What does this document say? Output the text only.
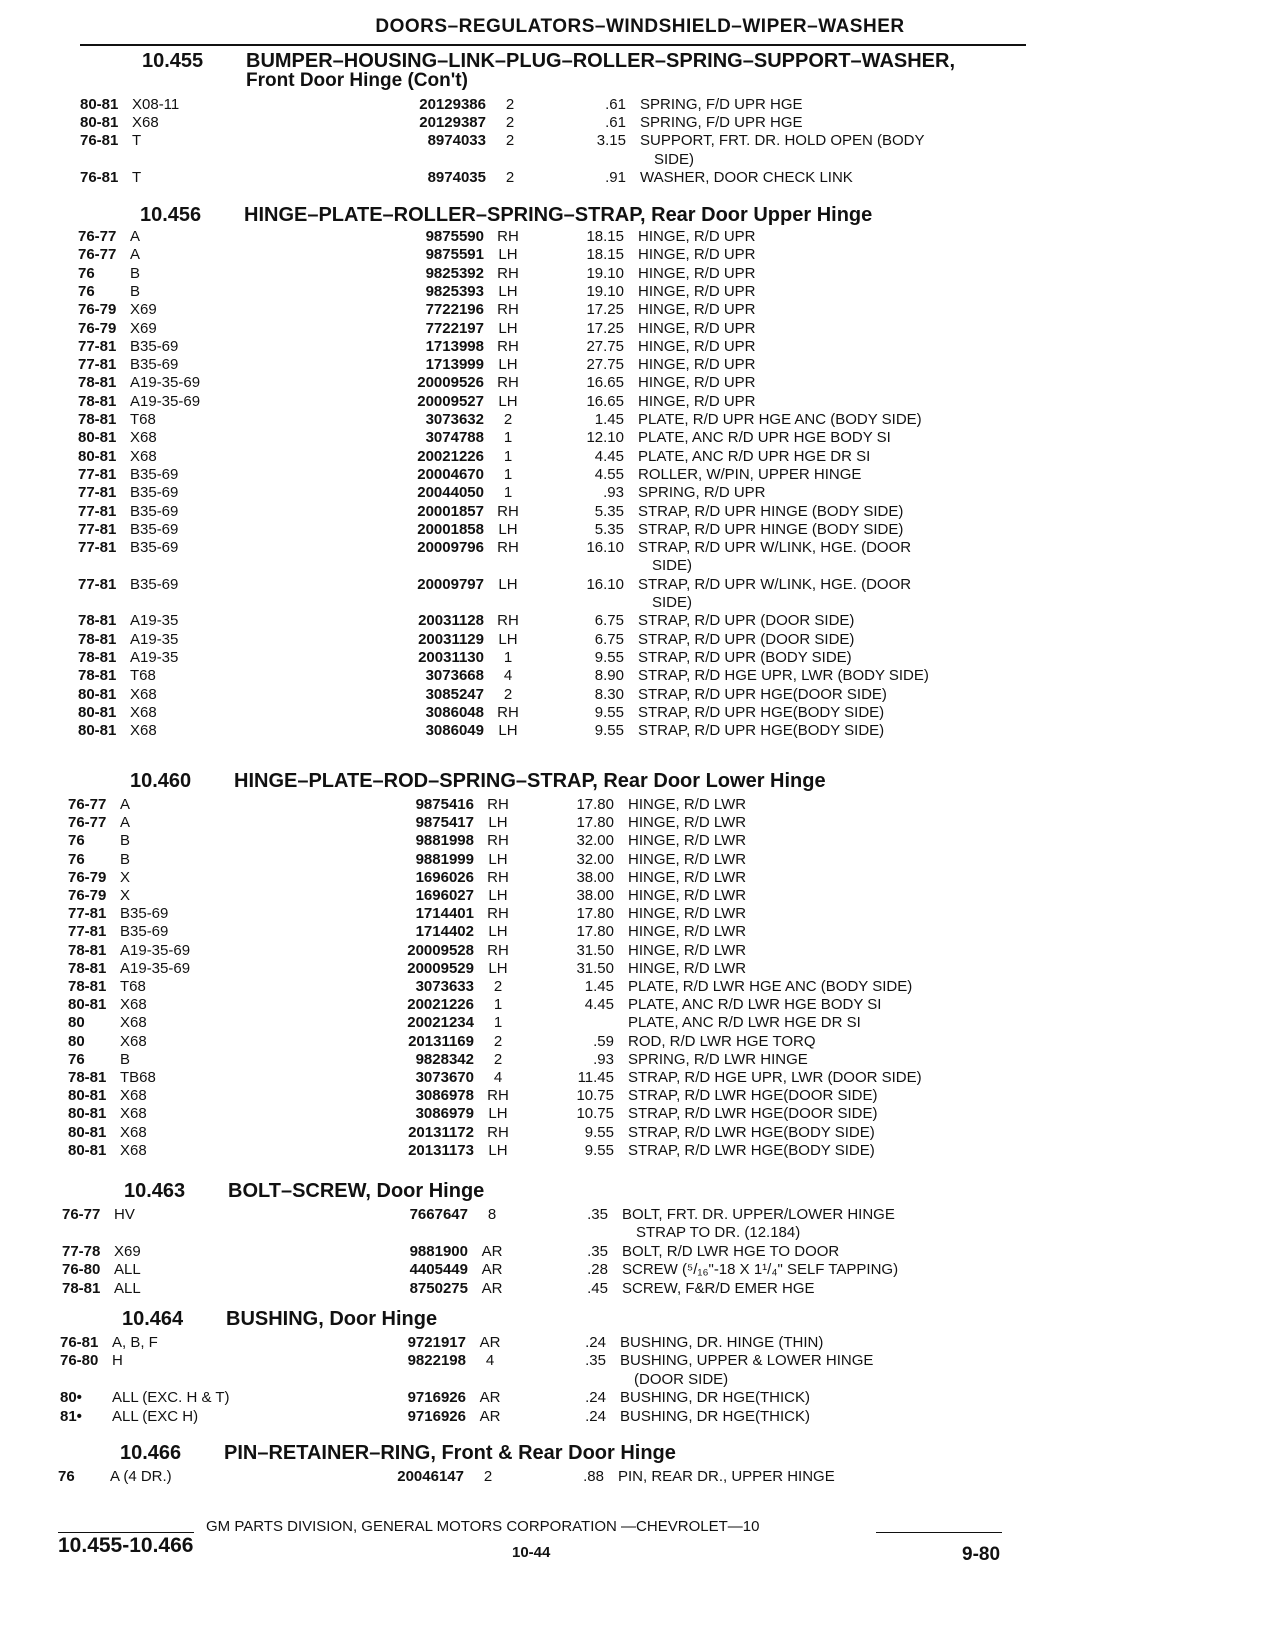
DOORS–REGULATORS–WINDSHIELD–WIPER–WASHER
10.455 BUMPER–HOUSING–LINK–PLUG–ROLLER–SPRING–SUPPORT–WASHER,
Front Door Hinge (Con't)
80-81 X08-11	20129386	2	.61 SPRING, F/D UPR HGE
80-81 X68	20129387	2	.61 SPRING, F/D UPR HGE
76-81 T	8974033	2	3.15 SUPPORT, FRT. DR. HOLD OPEN (BODY
SIDE)
76-81 T	8974035	2	.91 WASHER, DOOR CHECK LINK
10.456 HINGE–PLATE–ROLLER–SPRING–STRAP, Rear Door Upper Hinge
76-77 A	9875590 RH	18.15 HINGE, R/D UPR
76-77 A	9875591 LH	18.15 HINGE, R/D UPR
76 B	9825392 RH	19.10 HINGE, R/D UPR
76 B	9825393 LH	19.10 HINGE, R/D UPR
76-79 X69	7722196 RH	17.25 HINGE, R/D UPR
76-79 X69	7722197 LH	17.25 HINGE, R/D UPR
77-81 B35-69	1713998 RH	27.75 HINGE, R/D UPR
77-81 B35-69	1713999 LH	27.75 HINGE, R/D UPR
78-81 A19-35-69	20009526 RH	16.65 HINGE, R/D UPR
78-81 A19-35-69	20009527 LH	16.65 HINGE, R/D UPR
78-81 T68	3073632	2	1.45 PLATE, R/D UPR HGE ANC (BODY SIDE)
80-81 X68	3074788	1	12.10 PLATE, ANC R/D UPR HGE BODY SI
80-81 X68	20021226	1	4.45 PLATE, ANC R/D UPR HGE DR SI
77-81 B35-69	20004670	1	4.55 ROLLER, W/PIN, UPPER HINGE
77-81 B35-69	20044050	1	.93 SPRING, R/D UPR
77-81 B35-69	20001857 RH	5.35 STRAP, R/D UPR HINGE (BODY SIDE)
77-81 B35-69	20001858 LH	5.35 STRAP, R/D UPR HINGE (BODY SIDE)
77-81 B35-69	20009796 RH	16.10 STRAP, R/D UPR W/LINK, HGE. (DOOR
SIDE)
77-81 B35-69	20009797 LH	16.10 STRAP, R/D UPR W/LINK, HGE. (DOOR
SIDE)
78-81 A19-35	20031128 RH	6.75 STRAP, R/D UPR (DOOR SIDE)
78-81 A19-35	20031129 LH	6.75 STRAP, R/D UPR (DOOR SIDE)
78-81 A19-35	20031130	1	9.55 STRAP, R/D UPR (BODY SIDE)
78-81 T68	3073668	4	8.90 STRAP, R/D HGE UPR, LWR (BODY SIDE)
80-81 X68	3085247	2	8.30 STRAP, R/D UPR HGE(DOOR SIDE)
80-81 X68	3086048 RH	9.55 STRAP, R/D UPR HGE(BODY SIDE)
80-81 X68	3086049 LH	9.55 STRAP, R/D UPR HGE(BODY SIDE)
10.460 HINGE–PLATE–ROD–SPRING–STRAP, Rear Door Lower Hinge
76-77 A	9875416 RH	17.80 HINGE, R/D LWR
76-77 A	9875417 LH	17.80 HINGE, R/D LWR
76 B	9881998 RH	32.00 HINGE, R/D LWR
76 B	9881999 LH	32.00 HINGE, R/D LWR
76-79 X	1696026 RH	38.00 HINGE, R/D LWR
76-79 X	1696027 LH	38.00 HINGE, R/D LWR
77-81 B35-69	1714401 RH	17.80 HINGE, R/D LWR
77-81 B35-69	1714402 LH	17.80 HINGE, R/D LWR
78-81 A19-35-69	20009528 RH	31.50 HINGE, R/D LWR
78-81 A19-35-69	20009529 LH	31.50 HINGE, R/D LWR
78-81 T68	3073633	2	1.45 PLATE, R/D LWR HGE ANC (BODY SIDE)
80-81 X68	20021226	1	4.45 PLATE, ANC R/D LWR HGE BODY SI
80 X68	20021234	1	PLATE, ANC R/D LWR HGE DR SI
80 X68	20131169	2	.59 ROD, R/D LWR HGE TORQ
76 B	9828342	2	.93 SPRING, R/D LWR HINGE
78-81 TB68	3073670	4	11.45 STRAP, R/D HGE UPR, LWR (DOOR SIDE)
80-81 X68	3086978 RH	10.75 STRAP, R/D LWR HGE(DOOR SIDE)
80-81 X68	3086979 LH	10.75 STRAP, R/D LWR HGE(DOOR SIDE)
80-81 X68	20131172 RH	9.55 STRAP, R/D LWR HGE(BODY SIDE)
80-81 X68	20131173 LH	9.55 STRAP, R/D LWR HGE(BODY SIDE)
10.463 BOLT–SCREW, Door Hinge
76-77 HV	7667647	8	.35 BOLT, FRT. DR. UPPER/LOWER HINGE
STRAP TO DR. (12.184)
77-78 X69	9881900 AR	.35 BOLT, R/D LWR HGE TO DOOR
76-80 ALL	4405449 AR	.28 SCREW (⁵/₁₆"-18 X 1¹/₄" SELF TAPPING)
78-81 ALL	8750275 AR	.45 SCREW, F&R/D EMER HGE
10.464 BUSHING, Door Hinge
76-81 A, B, F	9721917 AR	.24 BUSHING, DR. HINGE (THIN)
76-80 H	9822198	4	.35 BUSHING, UPPER & LOWER HINGE
(DOOR SIDE)
80• ALL (EXC. H & T)	9716926 AR	.24 BUSHING, DR HGE(THICK)
81• ALL (EXC H)	9716926 AR	.24 BUSHING, DR HGE(THICK)
10.466 PIN–RETAINER–RING, Front & Rear Door Hinge
76 A (4 DR.)	20046147	2	.88 PIN, REAR DR., UPPER HINGE
GM PARTS DIVISION, GENERAL MOTORS CORPORATION —CHEVROLET—10
10.455-10.466	10-44	9-80
